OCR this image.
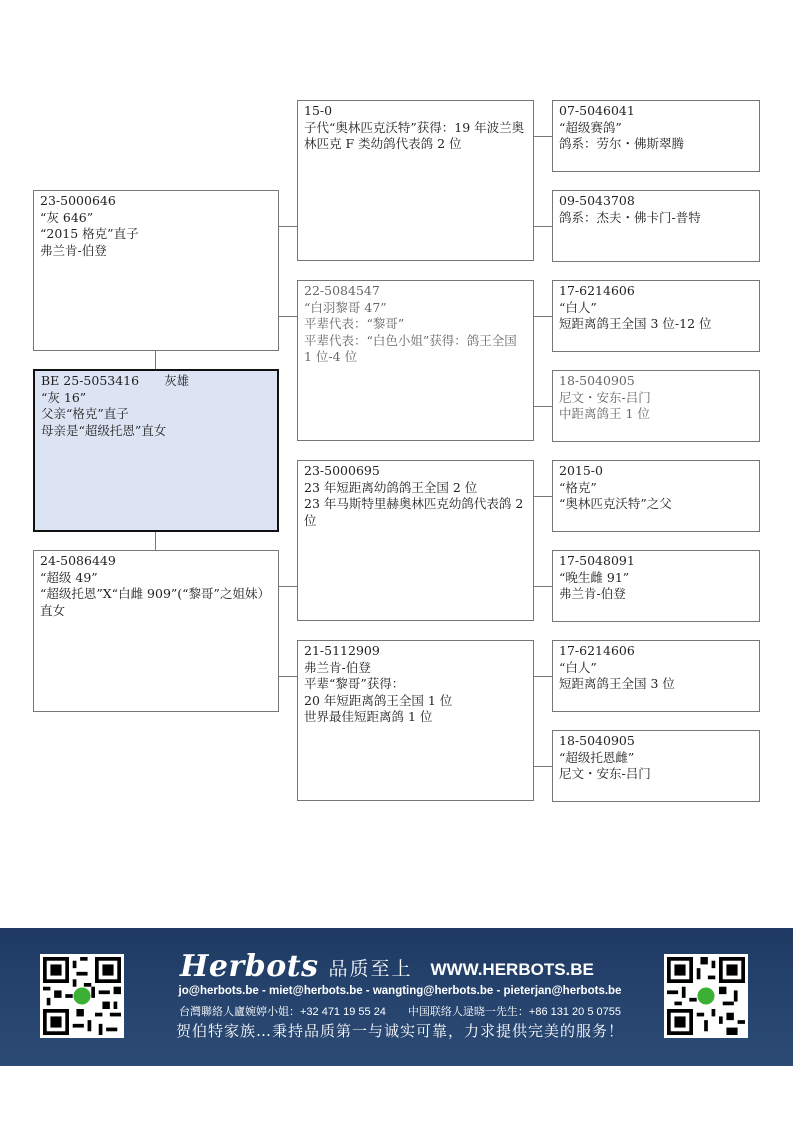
23-5000646
“灰 646”
“2015 格克”直子
弗兰肯-伯登
BE 25-5053416　　灰雄
“灰 16”
父亲“格克”直子
母亲是“超级托恩”直女
24-5086449
“超级 49”
“超级托恩”X“白雌 909”(“黎哥”之姐妹）直女
15-0
子代“奥林匹克沃特”获得：19 年波兰奥林匹克 F 类幼鸽代表鸽 2 位
22-5084547
“白羽黎哥 47”
平辈代表：“黎哥”
平辈代表：“白色小姐”获得：鸽王全国 1 位-4 位
23-5000695
23 年短距离幼鸽鸽王全国 2 位
23 年马斯特里赫奥林匹克幼鸽代表鸽 2 位
21-5112909
弗兰肯-伯登
平辈“黎哥”获得：
20 年短距离鸽王全国 1 位
世界最佳短距离鸽 1 位
07-5046041
“超级赛鸽”
鸽系：劳尔・佛斯翠腾
09-5043708
鸽系：杰夫・佛卡门-普特
17-6214606
“白人”
短距离鸽王全国 3 位-12 位
18-5040905
尼文・安东-吕门
中距离鸽王 1 位
2015-0
“格克”
“奥林匹克沃特”之父
17-5048091
“晚生雌 91”
弗兰肯-伯登
17-6214606
“白人”
短距离鸽王全国 3 位
18-5040905
“超级托恩雌”
尼文・安东-吕门
Herbots 品质至上 WWW.HERBOTS.BE
jo@herbots.be - miet@herbots.be - wangting@herbots.be - pieterjan@herbots.be
台灣聯絡人廬婉婷小姐：+32 471 19 55 24　　中国联络人逯晓一先生：+86 131 20 5 0755
贺伯特家族…秉持品质第一与诚实可靠，力求提供完美的服务！
